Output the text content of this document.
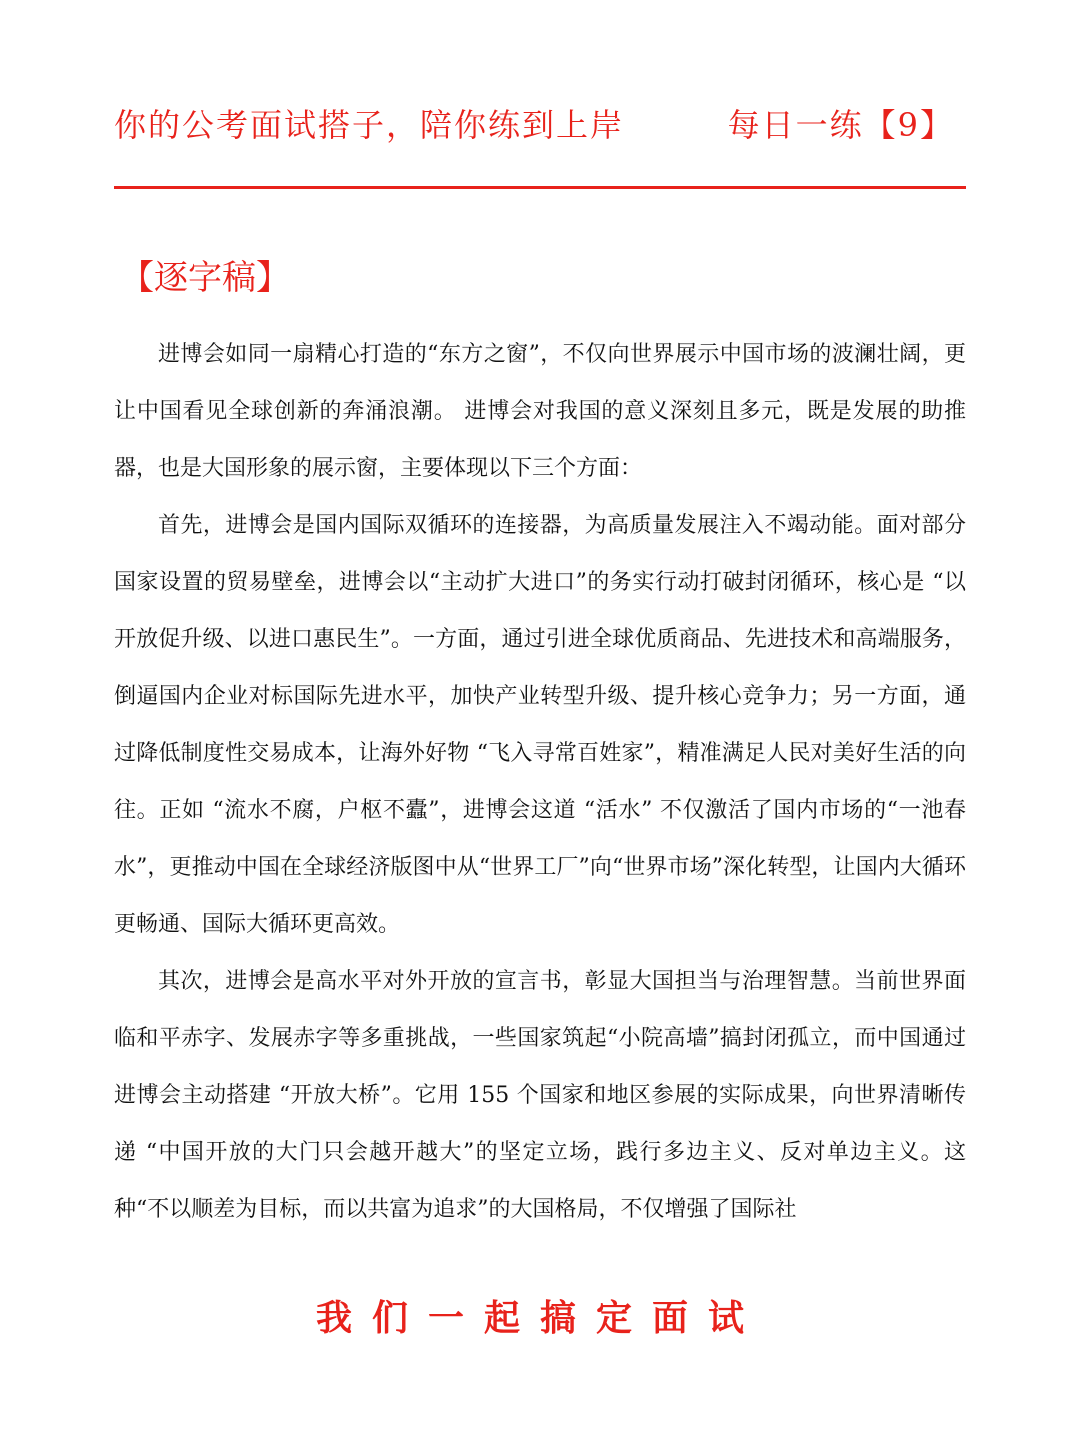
你的公考面试搭子，陪你练到上岸	每日一练【9】
【逐字稿】

进博会如同一扇精心打造的“东方之窗”，不仅向世界展示中国市场的波澜壮阔，更让中国看见全球创新的奔涌浪潮。 进博会对我国的意义深刻且多元，既是发展的助推器，也是大国形象的展示窗，主要体现以下三个方面：

首先，进博会是国内国际双循环的连接器，为高质量发展注入不竭动能。面对部分国家设置的贸易壁垒，进博会以“主动扩大进口”的务实行动打破封闭循环，核心是 “以开放促升级、以进口惠民生”。一方面，通过引进全球优质商品、先进技术和高端服务，倒逼国内企业对标国际先进水平，加快产业转型升级、提升核心竞争力；另一方面，通过降低制度性交易成本，让海外好物 “飞入寻常百姓家”，精准满足人民对美好生活的向往。正如 “流水不腐，户枢不蠹”，进博会这道 “活水” 不仅激活了国内市场的“一池春水”，更推动中国在全球经济版图中从“世界工厂”向“世界市场”深化转型，让国内大循环更畅通、国际大循环更高效。

其次，进博会是高水平对外开放的宣言书，彰显大国担当与治理智慧。当前世界面临和平赤字、发展赤字等多重挑战，一些国家筑起“小院高墙”搞封闭孤立，而中国通过进博会主动搭建 “开放大桥”。它用 155 个国家和地区参展的实际成果，向世界清晰传递 “中国开放的大门只会越开越大”的坚定立场，践行多边主义、反对单边主义。这种“不以顺差为目标，而以共富为追求”的大国格局，不仅增强了国际社

我们一起搞定面试
